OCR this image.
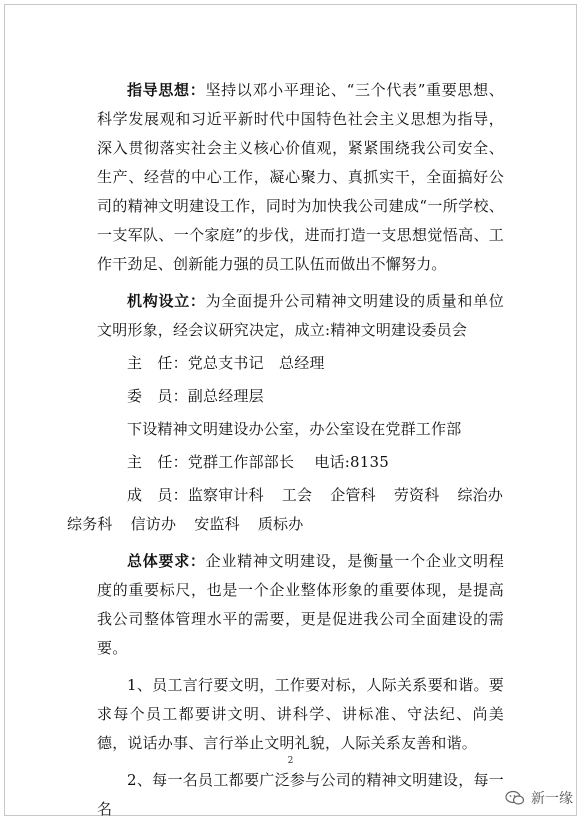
指导思想：坚持以邓小平理论、“三个代表”重要思想、科学发展观和习近平新时代中国特色社会主义思想为指导，深入贯彻落实社会主义核心价值观，紧紧围绕我公司安全、生产、经营的中心工作，凝心聚力、真抓实干，全面搞好公司的精神文明建设工作，同时为加快我公司建成“一所学校、一支军队、一个家庭”的步伐，进而打造一支思想觉悟高、工作干劲足、创新能力强的员工队伍而做出不懈努力。

机构设立：为全面提升公司精神文明建设的质量和单位文明形象，经会议研究决定，成立:精神文明建设委员会

主　任：党总支书记　总经理

委　员：副总经理层

下设精神文明建设办公室，办公室设在党群工作部

主　任：党群工作部部长　 电话:8135

成　员：监察审计科 工会 企管科 劳资科 综治办
综务科 信访办 安监科 质标办

总体要求：企业精神文明建设，是衡量一个企业文明程度的重要标尺，也是一个企业整体形象的重要体现，是提高我公司整体管理水平的需要，更是促进我公司全面建设的需要。

1、员工言行要文明，工作要对标，人际关系要和谐。要求每个员工都要讲文明、讲科学、讲标准、守法纪、尚美德，说话办事、言行举止文明礼貌，人际关系友善和谐。

2、每一名员工都要广泛参与公司的精神文明建设，每一名

2
新一缘
